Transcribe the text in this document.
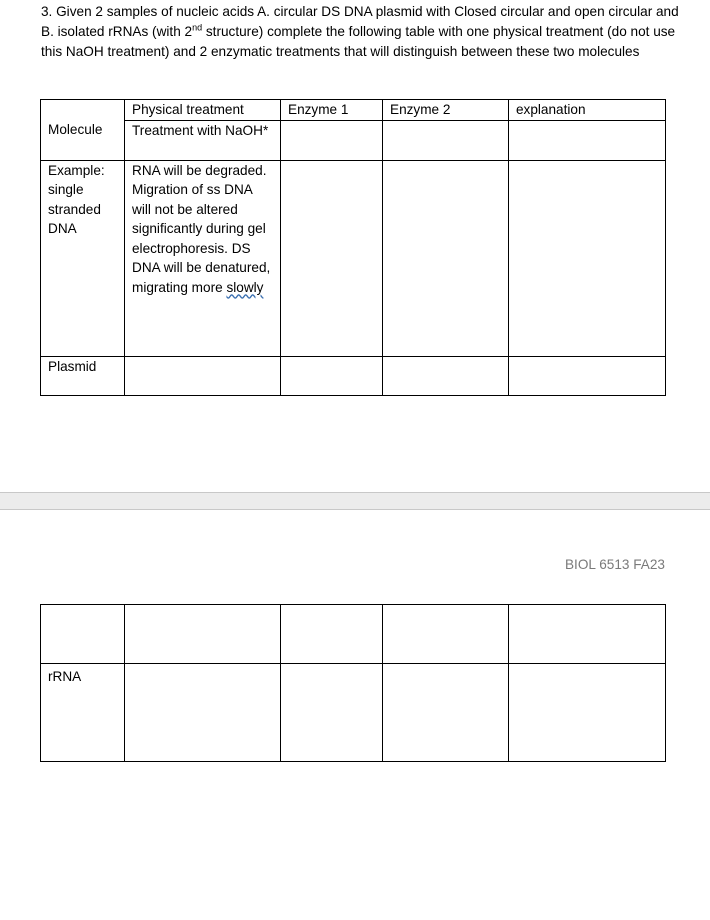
3. Given 2 samples of nucleic acids A. circular DS DNA plasmid with Closed circular and open circular and B. isolated rRNAs (with 2nd structure) complete the following table with one physical treatment (do not use this NaOH treatment) and 2 enzymatic treatments that will distinguish between these two molecules

	Physical treatment	Enzyme 1	Enzyme 2	explanation
Molecule	Treatment with NaOH*			
Example: single stranded DNA	RNA will be degraded. Migration of ss DNA will not be altered significantly during gel electrophoresis. DS DNA will be denatured, migrating more slowly			
Plasmid				
BIOL 6513 FA23

rRNA				
